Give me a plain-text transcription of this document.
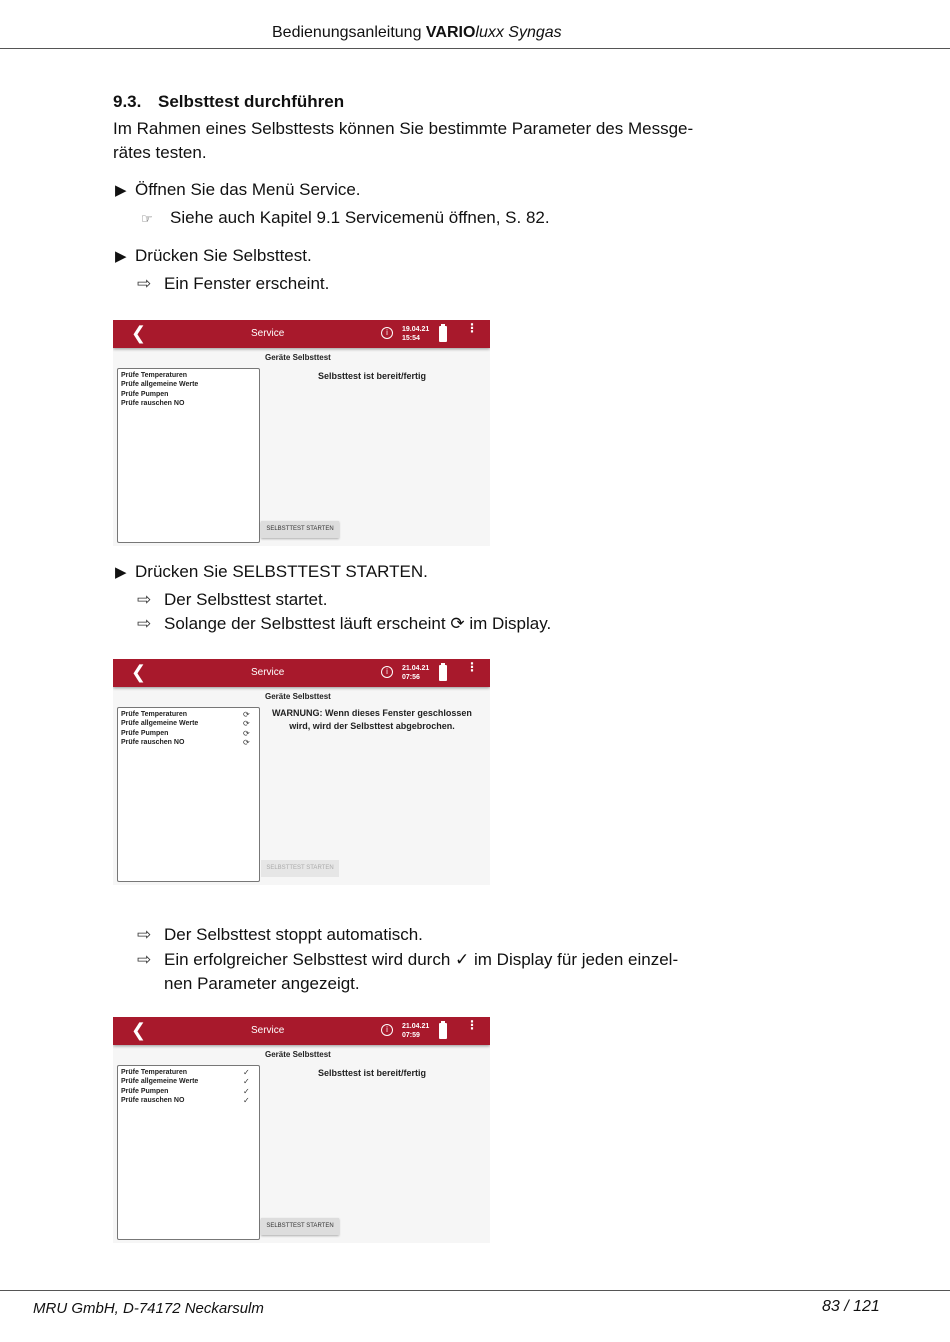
Bedienungsanleitung VARIOluxx Syngas
9.3. Selbsttest durchführen
Im Rahmen eines Selbsttests können Sie bestimmte Parameter des Messge-
rätes testen.
▶ Öffnen Sie das Menü Service.
☞ Siehe auch Kapitel 9.1 Servicemenü öffnen, S. 82.
▶ Drücken Sie Selbsttest.
⇨ Ein Fenster erscheint.
❮	Service	i	19.04.21
15:54
⋮
Geräte Selbsttest
Prüfe Temperaturen
Prüfe allgemeine Werte
Prüfe Pumpen
Prüfe rauschen NO
Selbsttest ist bereit/fertig
SELBSTTEST STARTEN
▶ Drücken Sie SELBSTTEST STARTEN.
⇨ Der Selbsttest startet.
⇨ Solange der Selbsttest läuft erscheint ⟳ im Display.
❮	Service	i	21.04.21
07:56
⋮
Geräte Selbsttest
Prüfe Temperaturen	⟳
Prüfe allgemeine Werte	⟳
Prüfe Pumpen	⟳
Prüfe rauschen NO	⟳
WARNUNG: Wenn dieses Fenster geschlossen
wird, wird der Selbsttest abgebrochen.
SELBSTTEST STARTEN
⇨ Der Selbsttest stoppt automatisch.
⇨ Ein erfolgreicher Selbsttest wird durch ✓ im Display für jeden einzel-
nen Parameter angezeigt.
❮	Service	i	21.04.21
07:59
⋮
Geräte Selbsttest
Prüfe Temperaturen	✓
Prüfe allgemeine Werte	✓
Prüfe Pumpen	✓
Prüfe rauschen NO	✓
Selbsttest ist bereit/fertig
SELBSTTEST STARTEN
MRU GmbH, D-74172 Neckarsulm	83 / 121
